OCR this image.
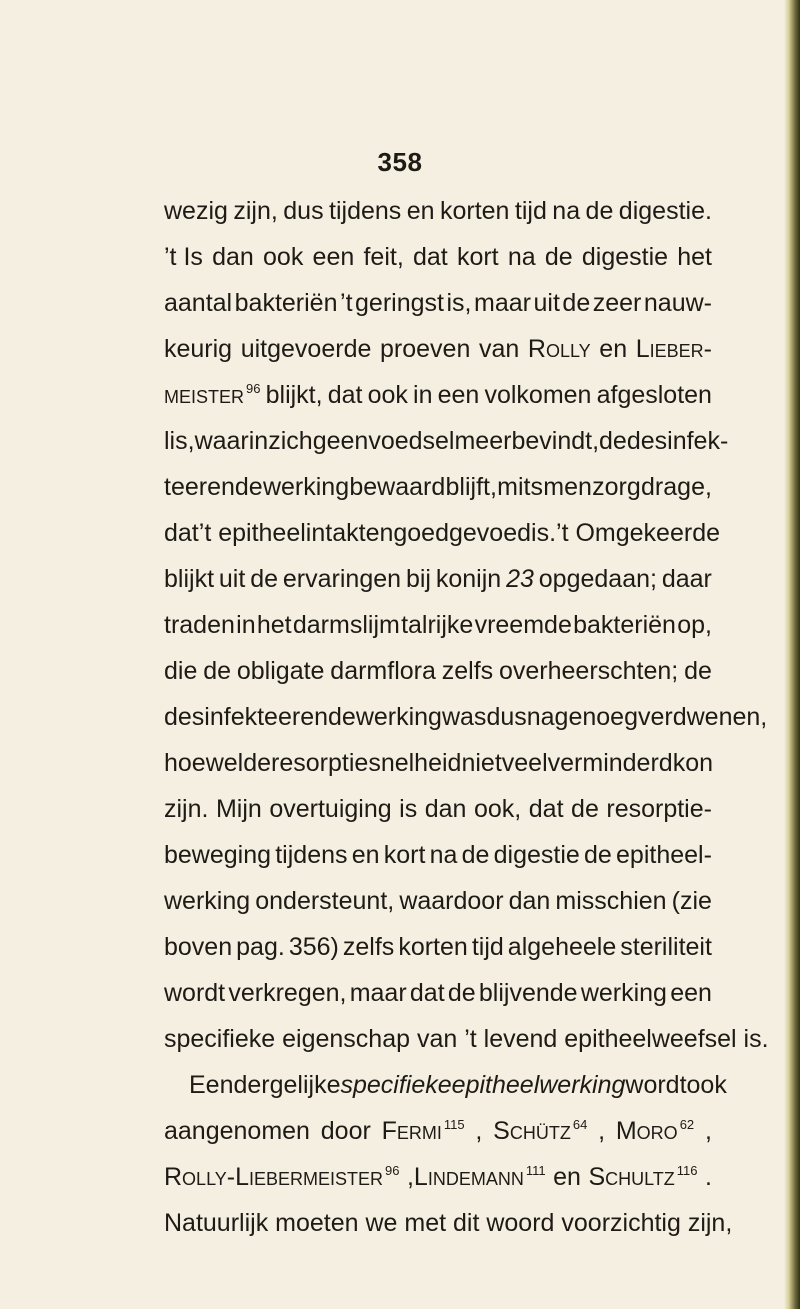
358
wezig zijn, dus tijdens en korten tijd na de digestie.
’t Is dan ook een feit, dat kort na de digestie het
aantal bakteriën ’t geringst is, maar uit de zeer nauw-
keurig uitgevoerde proeven van Rolly en Lieber-
meister $^{96}$ blijkt, dat ook in een volkomen afgesloten
lis, waarin zich geen voedsel meer bevindt, de desinfek-
teerende werking bewaard blijft, mits men zorg drage,
dat ’t epitheel intakt en goed gevoed is. ’t Omgekeerde
blijkt uit de ervaringen bij konijn 23 opgedaan; daar
traden in het darmslijm talrijke vreemde bakteriën op,
die de obligate darmflora zelfs overheerschten; de
desinfekteerende werking was dus nagenoeg verdwenen,
hoewel de resorptiesnelheid niet veel verminderd kon
zijn. Mijn overtuiging is dan ook, dat de resorptie-
beweging tijdens en kort na de digestie de epitheel-
werking ondersteunt, waardoor dan misschien (zie
boven pag. 356) zelfs korten tijd algeheele steriliteit
wordt verkregen, maar dat de blijvende werking een
specifieke eigenschap van ’t levend epitheelweefsel is.
Een dergelijke specifieke epitheelwerking wordt ook
aangenomen door Fermi $^{115}$ , Schütz $^{64}$ , Moro $^{62}$ ,
Rolly-Liebermeister $^{96}$ ,Lindemann $^{111}$ en Schultz $^{116}$ .
Natuurlijk moeten we met dit woord voorzichtig zijn,
